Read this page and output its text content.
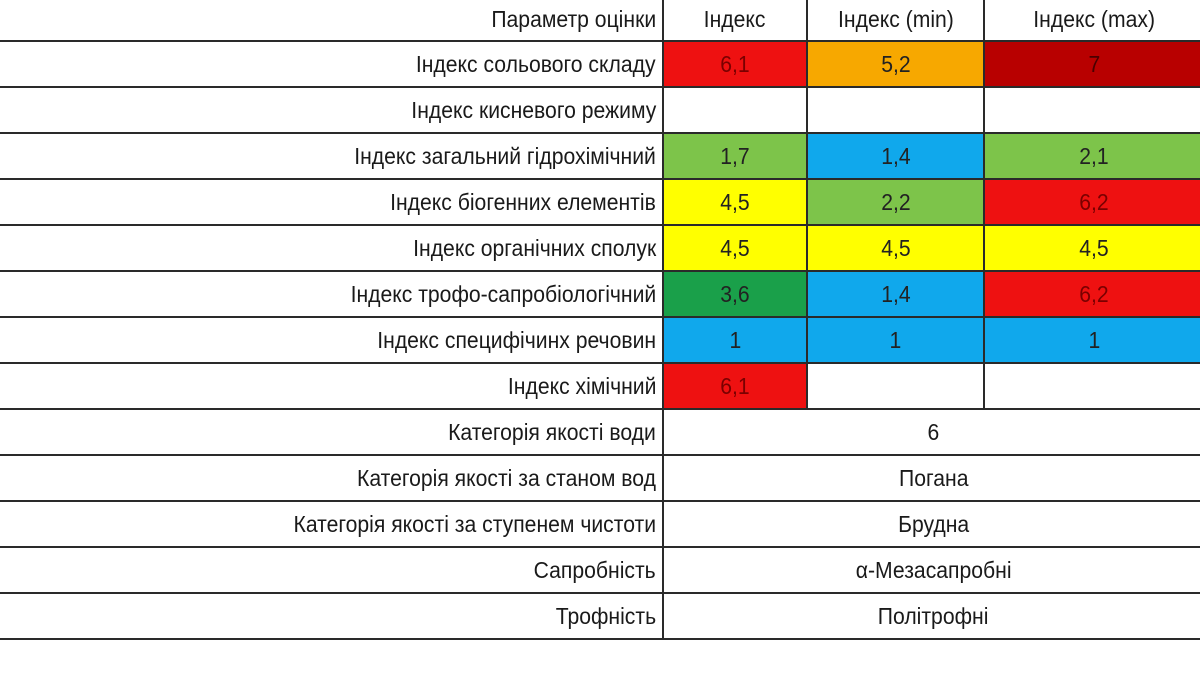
Параметр оцінки	Індекс	Індекс (min)	Індекс (max)
Індекс сольового складу	6,1	5,2	7
Індекс кисневого режиму			
Індекс загальний гідрохімічний	1,7	1,4	2,1
Індекс біогенних елементів	4,5	2,2	6,2
Індекс органічних сполук	4,5	4,5	4,5
Індекс трофо-сапробіологічний	3,6	1,4	6,2
Індекс специфічинх речовин	1	1	1
Індекс хімічний	6,1		
Категорія якості води	6		
Категорія якості за станом вод	Погана		
Категорія якості за ступенем чистоти	Брудна		
Сапробність	α-Мезасапробні		
Трофність	Політрофні		
